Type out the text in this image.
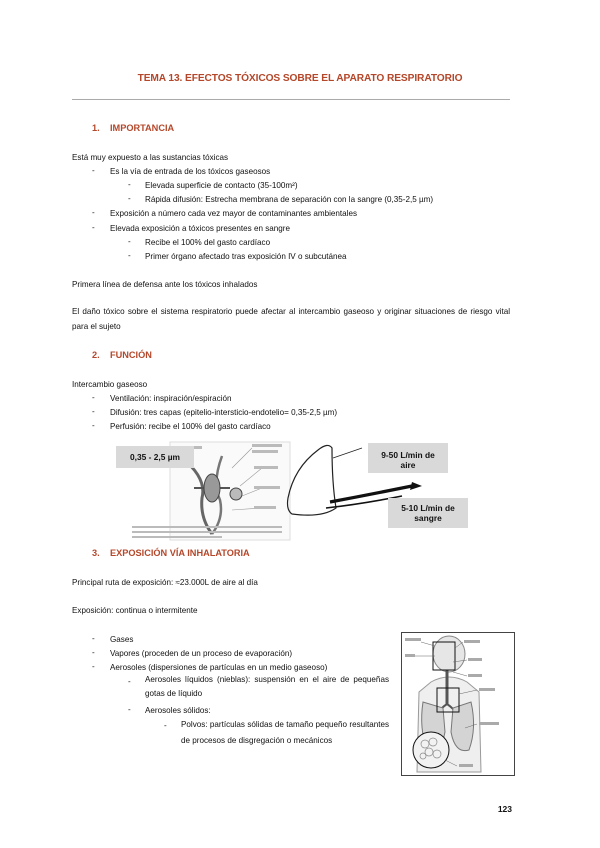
TEMA 13. EFECTOS TÓXICOS SOBRE EL APARATO RESPIRATORIO
1. IMPORTANCIA
Está muy expuesto a las sustancias tóxicas
- Es la vía de entrada de los tóxicos gaseosos
- Elevada superficie de contacto (35-100m²)
- Rápida difusión: Estrecha membrana de separación con la sangre (0,35-2,5 µm)
- Exposición a número cada vez mayor de contaminantes ambientales
- Elevada exposición a tóxicos presentes en sangre
- Recibe el 100% del gasto cardíaco
- Primer órgano afectado tras exposición IV o subcutánea
Primera línea de defensa ante los tóxicos inhalados
El daño tóxico sobre el sistema respiratorio puede afectar al intercambio gaseoso y originar situaciones de riesgo vital para el sujeto
2. FUNCIÓN
Intercambio gaseoso
- Ventilación: inspiración/espiración
- Difusión: tres capas (epitelio-intersticio-endotelio= 0,35-2,5 µm)
- Perfusión: recibe el 100% del gasto cardíaco
0,35 - 2,5 µm	9-50 L/min de
aire
5-10 L/min de
sangre
3. EXPOSICIÓN VÍA INHALATORIA
Principal ruta de exposición: ≈23.000L de aire al día
Exposición: continua o intermitente
- Gases
- Vapores (proceden de un proceso de evaporación)
- Aerosoles (dispersiones de partículas en un medio gaseoso)
- Aerosoles líquidos (nieblas): suspensión en el aire de pequeñas gotas de líquido
- Aerosoles sólidos:
- Polvos: partículas sólidas de tamaño pequeño resultantes de procesos de disgregación o mecánicos
123
